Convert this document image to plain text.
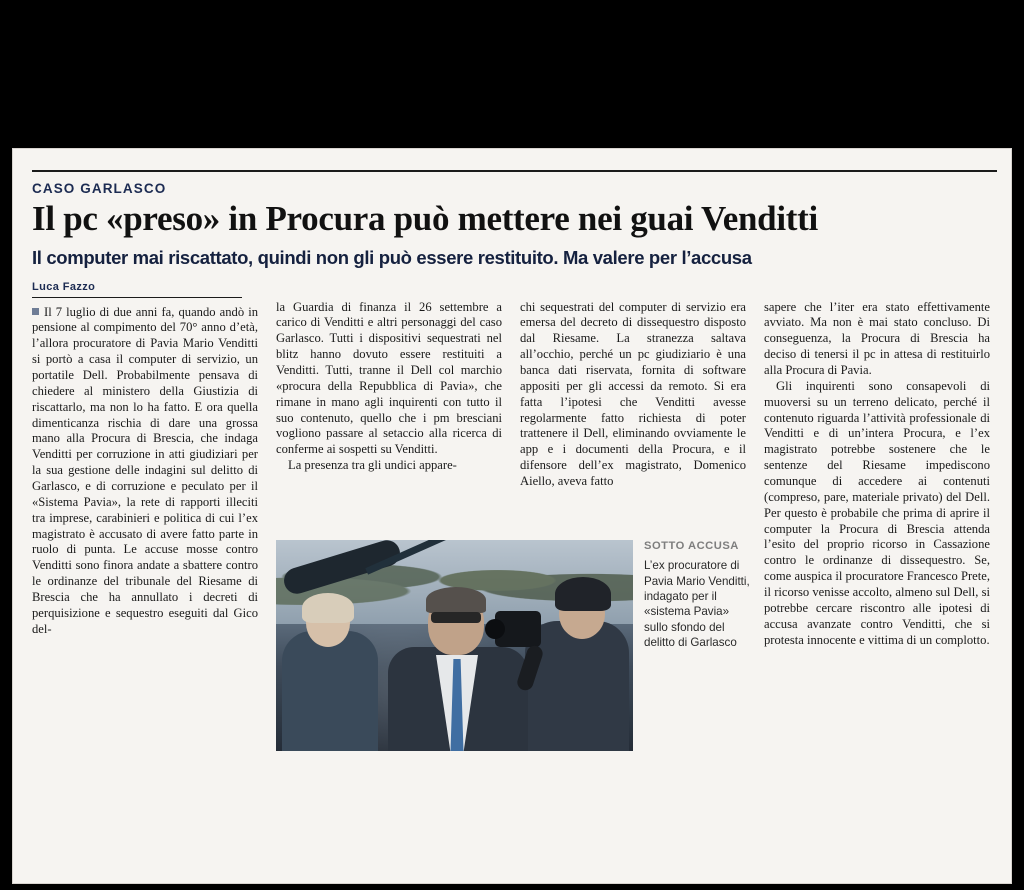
CASO GARLASCO
Il pc «preso» in Procura può mettere nei guai Venditti
Il computer mai riscattato, quindi non gli può essere restituito. Ma valere per l’accusa
Luca Fazzo

Il 7 luglio di due anni fa, quando andò in pensione al compimento del 70° anno d’età, l’allora procuratore di Pavia Mario Venditti si portò a casa il computer di servizio, un portatile Dell. Probabilmente pensava di chiedere al ministero della Giustizia di riscattarlo, ma non lo ha fatto. E ora quella dimenticanza rischia di dare una grossa mano alla Procura di Brescia, che indaga Venditti per corruzione in atti giudiziari per la sua gestione delle indagini sul delitto di Garlasco, e di corruzione e peculato per il «Sistema Pavia», la rete di rapporti illeciti tra imprese, carabinieri e politica di cui l’ex magistrato è accusato di avere fatto parte in ruolo di punta. Le accuse mosse contro Venditti sono finora andate a sbattere contro le ordinanze del tribunale del Riesame di Brescia che ha annullato i decreti di perquisizione e sequestro eseguiti dal Gico del-

la Guardia di finanza il 26 settembre a carico di Venditti e altri personaggi del caso Garlasco. Tutti i dispositivi sequestrati nel blitz hanno dovuto essere restituiti a Venditti. Tutti, tranne il Dell col marchio «procura della Repubblica di Pavia», che rimane in mano agli inquirenti con tutto il suo contenuto, quello che i pm bresciani vogliono passare al setaccio alla ricerca di conferme ai sospetti su Venditti.

La presenza tra gli undici appare-

chi sequestrati del computer di servizio era emersa del decreto di dissequestro disposto dal Riesame. La stranezza saltava all’occhio, perché un pc giudiziario è una banca dati riservata, fornita di software appositi per gli accessi da remoto. Si era fatta l’ipotesi che Venditti avesse regolarmente fatto richiesta di poter trattenere il Dell, eliminando ovviamente le app e i documenti della Procura, e il difensore dell’ex magistrato, Domenico Aiello, aveva fatto

sapere che l’iter era stato effettivamente avviato. Ma non è mai stato concluso. Di conseguenza, la Procura di Brescia ha deciso di tenersi il pc in attesa di restituirlo alla Procura di Pavia.

Gli inquirenti sono consapevoli di muoversi su un terreno delicato, perché il contenuto riguarda l’attività professionale di Venditti e di un’intera Procura, e l’ex magistrato potrebbe sostenere che le sentenze del Riesame impediscono comunque di accedere ai contenuti (compreso, pare, materiale privato) del Dell. Per questo è probabile che prima di aprire il computer la Procura di Brescia attenda l’esito del proprio ricorso in Cassazione contro le ordinanze di dissequestro. Se, come auspica il procuratore Francesco Prete, il ricorso venisse accolto, almeno sul Dell, si potrebbe cercare riscontro alle ipotesi di accusa avanzate contro Venditti, che si protesta innocente e vittima di un complotto.

SOTTO ACCUSA
L’ex procuratore di Pavia Mario Venditti, indagato per il «sistema Pavia» sullo sfondo del delitto di Garlasco
